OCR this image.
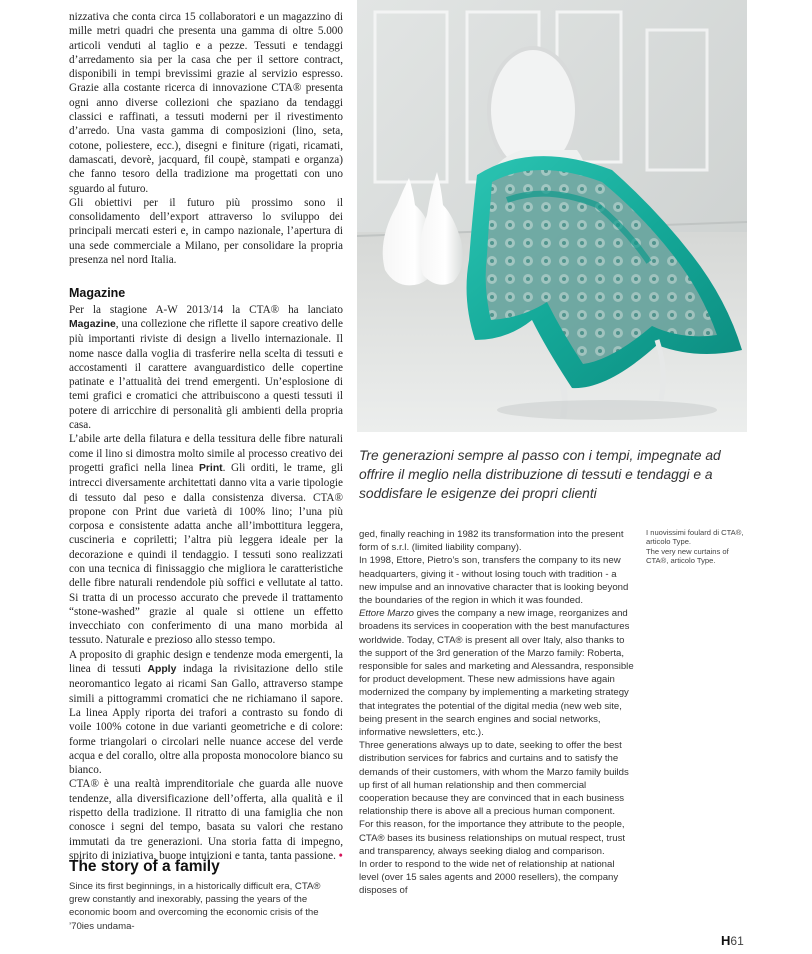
nizzativa che conta circa 15 collaboratori e un magazzino di mille metri quadri che presenta una gamma di oltre 5.000 articoli venduti al taglio e a pezze. Tessuti e tendaggi d’arredamento sia per la casa che per il settore contract, disponibili in tempi brevissimi grazie al servizio espresso. Grazie alla costante ricerca di innovazione CTA® presenta ogni anno diverse collezioni che spaziano da tendaggi classici e raffinati, a tessuti moderni per il rivestimento d’arredo. Una vasta gamma di composizioni (lino, seta, cotone, poliestere, ecc.), disegni e finiture (rigati, ricamati, damascati, devorè, jacquard, fil coupè, stampati e organza) che fanno tesoro della tradizione ma progettati con uno sguardo al futuro.

Gli obiettivi per il futuro più prossimo sono il consolidamento dell’export attraverso lo sviluppo dei principali mercati esteri e, in campo nazionale, l’apertura di una sede commerciale a Milano, per consolidare la propria presenza nel nord Italia.

Magazine

Per la stagione A-W 2013/14 la CTA® ha lanciato Magazine, una collezione che riflette il sapore creativo delle più importanti riviste di design a livello internazionale. Il nome nasce dalla voglia di trasferire nella scelta di tessuti e accostamenti il carattere avanguardistico delle copertine patinate e l’attualità dei trend emergenti. Un’esplosione di temi grafici e cromatici che attribuiscono a questi tessuti il potere di arricchire di personalità gli ambienti della propria casa.

L’abile arte della filatura e della tessitura delle fibre naturali come il lino si dimostra molto simile al processo creativo dei progetti grafici nella linea Print. Gli orditi, le trame, gli intrecci diversamente architettati danno vita a varie tipologie di tessuto dal peso e dalla consistenza diversa. CTA® propone con Print due varietà di 100% lino; l’una più corposa e consistente adatta anche all’imbottitura leggera, cuscineria e copriletti; l’altra più leggera ideale per la decorazione e quindi il tendaggio. I tessuti sono realizzati con una tecnica di finissaggio che migliora le caratteristiche delle fibre naturali rendendole più soffici e vellutate al tatto. Si tratta di un processo accurato che prevede il trattamento “stone-washed” grazie al quale si ottiene un effetto invecchiato con conferimento di una mano morbida al tessuto. Naturale e prezioso allo stesso tempo.

A proposito di graphic design e tendenze moda emergenti, la linea di tessuti Apply indaga la rivisitazione dello stile neoromantico legato ai ricami San Gallo, attraverso stampe simili a pittogrammi cromatici che ne richiamano il sapore. La linea Apply riporta dei trafori a contrasto su fondo di voile 100% cotone in due varianti geometriche e di colore: forme triangolari o circolari nelle nuance accese del verde acqua e del corallo, oltre alla proposta monocolore bianco su bianco.

CTA® è una realtà imprenditoriale che guarda alle nuove tendenze, alla diversificazione dell’offerta, alla qualità e il rispetto della tradizione. Il ritratto di una famiglia che non conosce i segni del tempo, basata su valori che restano immutati da tre generazioni. Una storia fatta di impegno, spirito di iniziativa, buone intuizioni e tanta, tanta passione. •

The story of a family

Since its first beginnings, in a historically difficult era, CTA® grew constantly and inexorably, passing the years of the economic boom and overcoming the economic crisis of the ’70ies undama-

Tre generazioni sempre al passo con i tempi, impegnate ad offrire il meglio nella distribuzione di tessuti e tendaggi e a soddisfare le esigenze dei propri clienti

ged, finally reaching in 1982 its transformation into the present form of s.r.l. (limited liability company).

In 1998, Ettore, Pietro’s son, transfers the company to its new headquarters, giving it - without losing touch with tradition - a new impulse and an innovative character that is looking beyond the boundaries of the region in which it was founded.

Ettore Marzo gives the company a new image, reorganizes and broadens its services in cooperation with the best manufactures worldwide. Today, CTA® is present all over Italy, also thanks to the support of the 3rd generation of the Marzo family: Roberta, responsible for sales and marketing and Alessandra, responsible for product development. These new admissions have again modernized the company by implementing a marketing strategy that integrates the potential of the digital media (new web site, being present in the search engines and social networks, informative newsletters, etc.).

Three generations always up to date, seeking to offer the best distribution services for fabrics and curtains and to satisfy the demands of their customers, with whom the Marzo family builds up first of all human relationship and then commercial cooperation because they are convinced that in each business relationship there is above all a precious human component.

For this reason, for the importance they attribute to the people, CTA® bases its business relationships on mutual respect, trust and transparency, always seeking dialog and comparison.

In order to respond to the wide net of relationship at national level (over 15 sales agents and 2000 resellers), the company disposes of

I nuovissimi foulard di CTA®, articolo Type.

The very new curtains of CTA®, articolo Type.

H61
